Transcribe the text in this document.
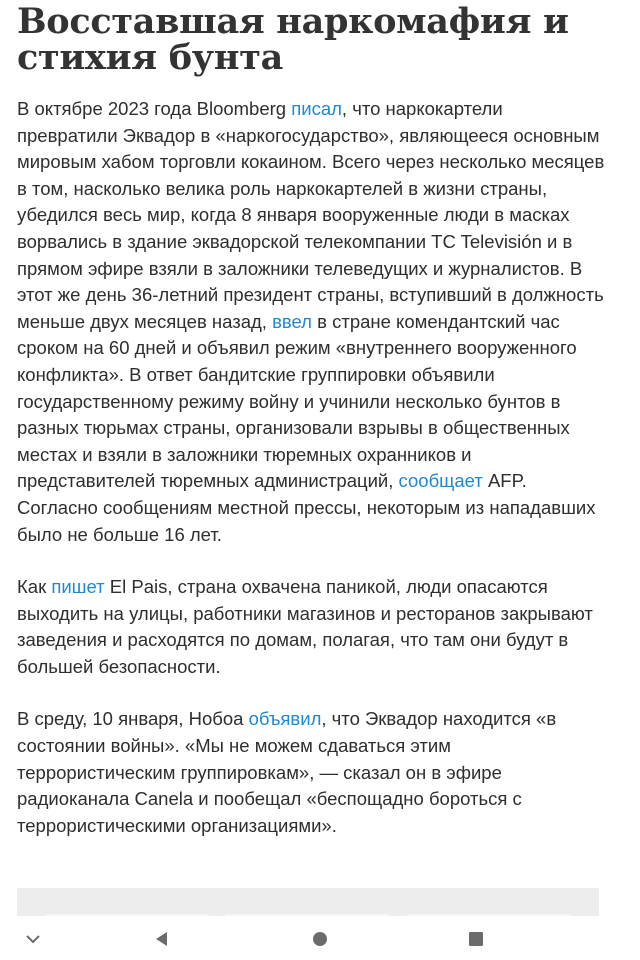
Восставшая наркомафия и стихия бунта

В октябре 2023 года Bloomberg писал, что наркокартели превратили Эквадор в «наркогосударство», являющееся основным мировым хабом торговли кокаином. Всего через несколько месяцев в том, насколько велика роль наркокартелей в жизни страны, убедился весь мир, когда 8 января вооруженные люди в масках ворвались в здание эквадорской телекомпании TC Televisión и в прямом эфире взяли в заложники телеведущих и журналистов. В этот же день 36-летний президент страны, вступивший в должность меньше двух месяцев назад, ввел в стране комендантский час сроком на 60 дней и объявил режим «внутреннего вооруженного конфликта». В ответ бандитские группировки объявили государственному режиму войну и учинили несколько бунтов в разных тюрьмах страны, организовали взрывы в общественных местах и взяли в заложники тюремных охранников и представителей тюремных администраций, сообщает AFP. Согласно сообщениям местной прессы, некоторым из нападавших было не больше 16 лет.

Как пишет El Pais, страна охвачена паникой, люди опасаются выходить на улицы, работники магазинов и ресторанов закрывают заведения и расходятся по домам, полагая, что там они будут в большей безопасности.

В среду, 10 января, Нобоа объявил, что Эквадор находится «в состоянии войны». «Мы не можем сдаваться этим террористическим группировкам», — сказал он в эфире радиоканала Canela и пообещал «беспощадно бороться с террористическими организациями».
